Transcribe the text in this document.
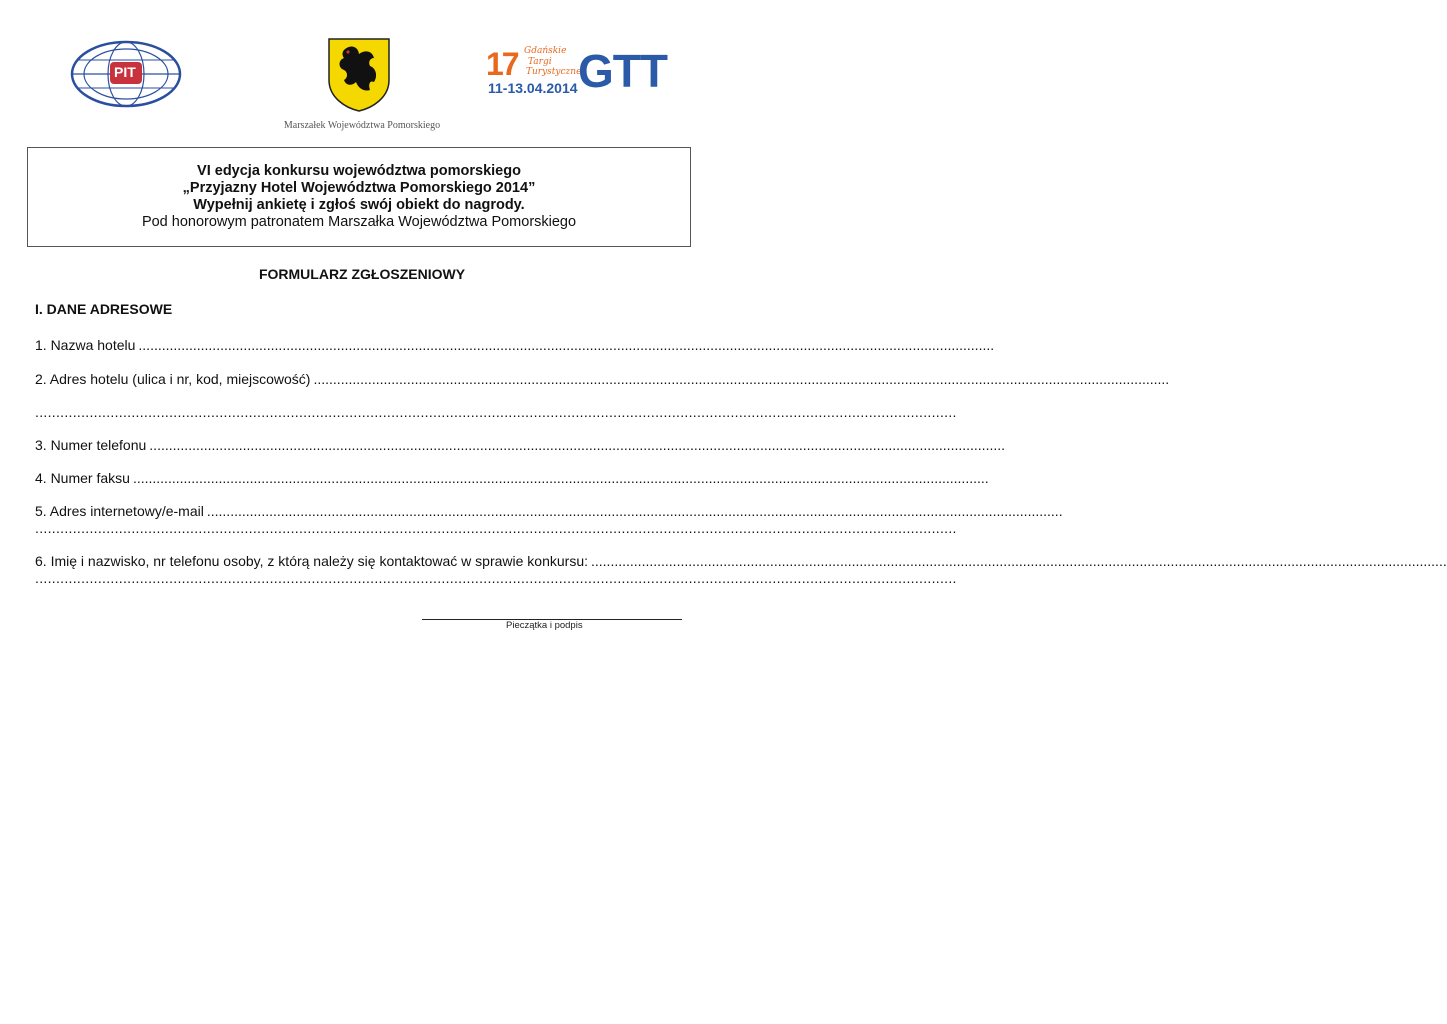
PIT	17 Gdańskie
Targi
Turystyczne
GTT
11-13.04.2014
Marszałek Województwa Pomorskiego
VI edycja konkursu województwa pomorskiego
„Przyjazny Hotel Województwa Pomorskiego 2014”
Wypełnij ankietę i zgłoś swój obiekt do nagrody.
Pod honorowym patronatem Marszałka Województwa Pomorskiego
FORMULARZ ZGŁOSZENIOWY
I. DANE ADRESOWE
1. Nazwa hotelu ............................................................................................................................................................................................................................
2. Adres hotelu (ulica i nr, kod, miejscowość) ............................................................................................................................................................................................................................
............................................................................................................................................................................................................................
3. Numer telefonu ............................................................................................................................................................................................................................
4. Numer faksu ............................................................................................................................................................................................................................
5. Adres internetowy/e-mail ............................................................................................................................................................................................................................
............................................................................................................................................................................................................................
6. Imię i nazwisko, nr telefonu osoby, z którą należy się kontaktować w sprawie konkursu: ............................................................................................................................................................................................................................
............................................................................................................................................................................................................................
Pieczątka i podpis
